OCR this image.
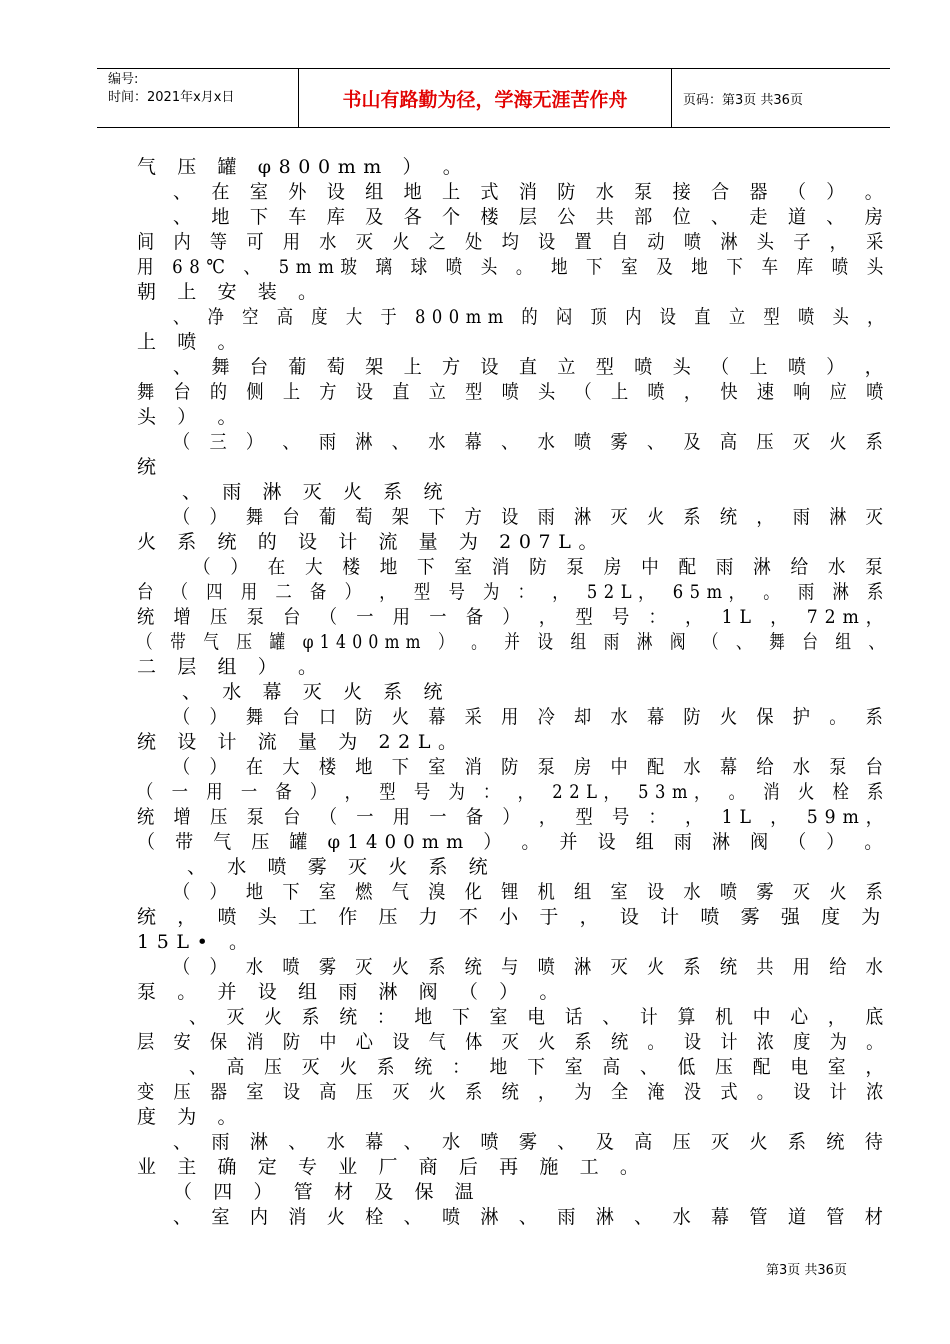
编号:
时间：2021年x月x日	书山有路勤为径，学海无涯苦作舟	页码：第3页 共36页
气 压 罐 φ800mm ） 。
、 在 室 外 设 组 地 上 式 消 防 水 泵 接 合 器 （ ） 。
、 地 下 车 库 及 各 个 楼 层 公 共 部 位 、 走 道 、 房
间 内 等 可 用 水 灭 火 之 处 均 设 置 自 动 喷 淋 头 子 ， 采
用 68℃ 、 5mm玻 璃 球 喷 头 。 地 下 室 及 地 下 车 库 喷 头
朝 上 安 装 。
、 净 空 高 度 大 于 800mm 的 闷 顶 内 设 直 立 型 喷 头 ，
上 喷 。
、 舞 台 葡 萄 架 上 方 设 直 立 型 喷 头 （ 上 喷 ） ，
舞 台 的 侧 上 方 设 直 立 型 喷 头 （ 上 喷 ， 快 速 响 应 喷
头 ） 。
（ 三 ） 、 雨 淋 、 水 幕 、 水 喷 雾 、 及 高 压 灭 火 系
统
、 雨 淋 灭 火 系 统
（ ） 舞 台 葡 萄 架 下 方 设 雨 淋 灭 火 系 统 ， 雨 淋 灭
火 系 统 的 设 计 流 量 为 207L。
（ ） 在 大 楼 地 下 室 消 防 泵 房 中 配 雨 淋 给 水 泵
台 （ 四 用 二 备 ） ， 型 号 为 ： ， 52L， 65m， 。 雨 淋 系
统 增 压 泵 台 （ 一 用 一 备 ） ， 型 号 ： ， 1L ， 72m，
（ 带 气 压 罐 φ1400mm ） 。 并 设 组 雨 淋 阀 （ 、 舞 台 组 、
二 层 组 ） 。
、 水 幕 灭 火 系 统
（ ） 舞 台 口 防 火 幕 采 用 冷 却 水 幕 防 火 保 护 。 系
统 设 计 流 量 为 22L。
（ ） 在 大 楼 地 下 室 消 防 泵 房 中 配 水 幕 给 水 泵 台
（ 一 用 一 备 ） ， 型 号 为 ： ， 22L， 53m， 。 消 火 栓 系
统 增 压 泵 台 （ 一 用 一 备 ） ， 型 号 ： ， 1L ， 59m，
（ 带 气 压 罐 φ1400mm ） 。 并 设 组 雨 淋 阀 （ ） 。
、 水 喷 雾 灭 火 系 统
（ ） 地 下 室 燃 气 溴 化 锂 机 组 室 设 水 喷 雾 灭 火 系
统 ， 喷 头 工 作 压 力 不 小 于 ， 设 计 喷 雾 强 度 为
15L• 。
（ ） 水 喷 雾 灭 火 系 统 与 喷 淋 灭 火 系 统 共 用 给 水
泵 。 并 设 组 雨 淋 阀 （ ） 。
、 灭 火 系 统 ： 地 下 室 电 话 、 计 算 机 中 心 ， 底
层 安 保 消 防 中 心 设 气 体 灭 火 系 统 。 设 计 浓 度 为 。
、 高 压 灭 火 系 统 ： 地 下 室 高 、 低 压 配 电 室 ，
变 压 器 室 设 高 压 灭 火 系 统 ， 为 全 淹 没 式 。 设 计 浓
度 为 。
、 雨 淋 、 水 幕 、 水 喷 雾 、 及 高 压 灭 火 系 统 待
业 主 确 定 专 业 厂 商 后 再 施 工 。
（ 四 ） 管 材 及 保 温
、 室 内 消 火 栓 、 喷 淋 、 雨 淋 、 水 幕 管 道 管 材
第3页 共36页
